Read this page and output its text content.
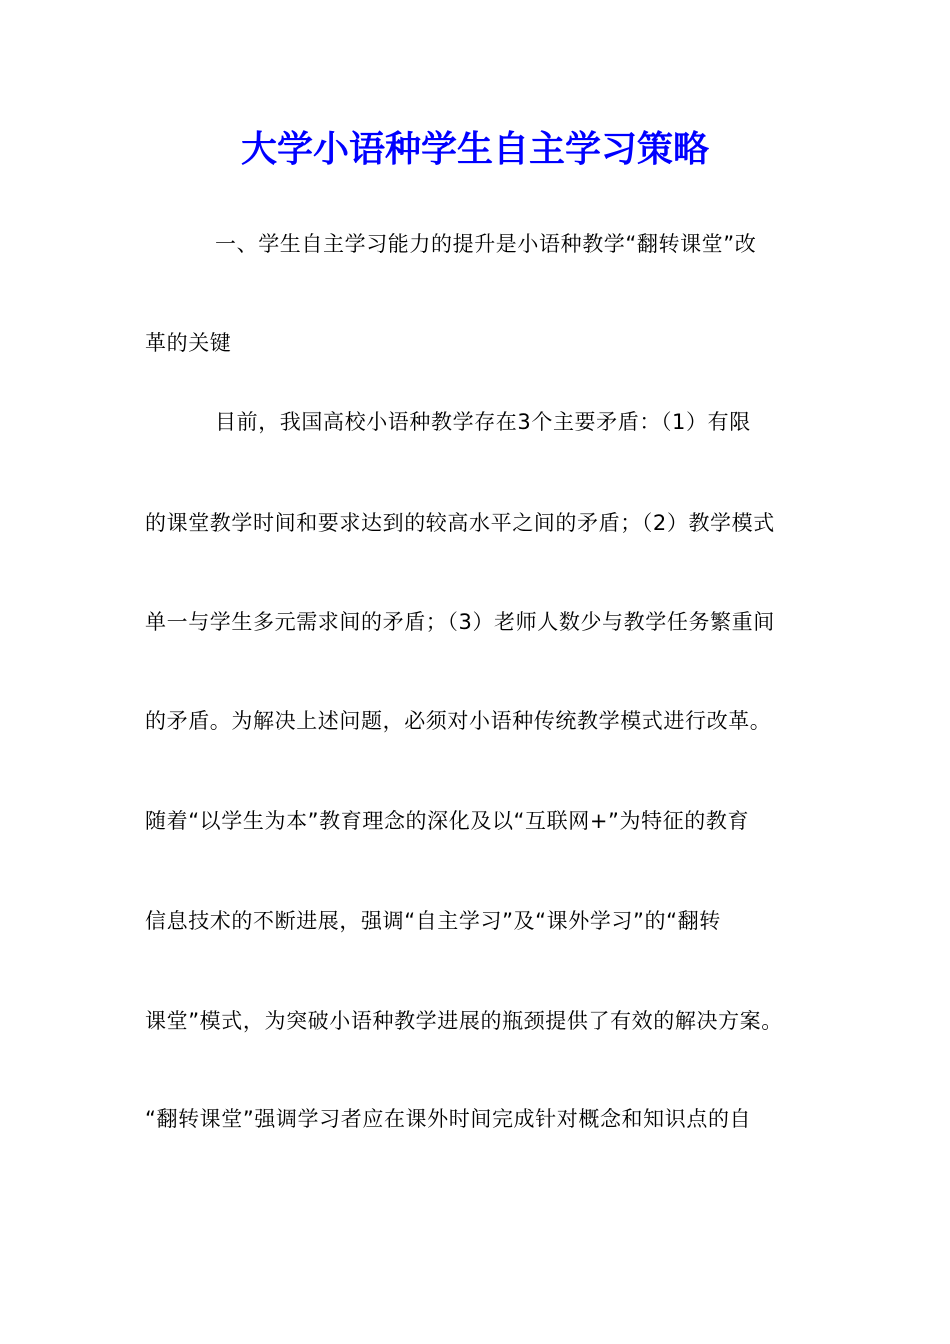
大学小语种学生自主学习策略
一、学生自主学习能力的提升是小语种教学“翻转课堂”改
革的关键
目前，我国高校小语种教学存在3个主要矛盾：（1）有限
的课堂教学时间和要求达到的较高水平之间的矛盾；（2）教学模式
单一与学生多元需求间的矛盾；（3）老师人数少与教学任务繁重间
的矛盾。为解决上述问题，必须对小语种传统教学模式进行改革。
随着“以学生为本”教育理念的深化及以“互联网+”为特征的教育
信息技术的不断进展，强调“自主学习”及“课外学习”的“翻转
课堂”模式，为突破小语种教学进展的瓶颈提供了有效的解决方案。
“翻转课堂”强调学习者应在课外时间完成针对概念和知识点的自
